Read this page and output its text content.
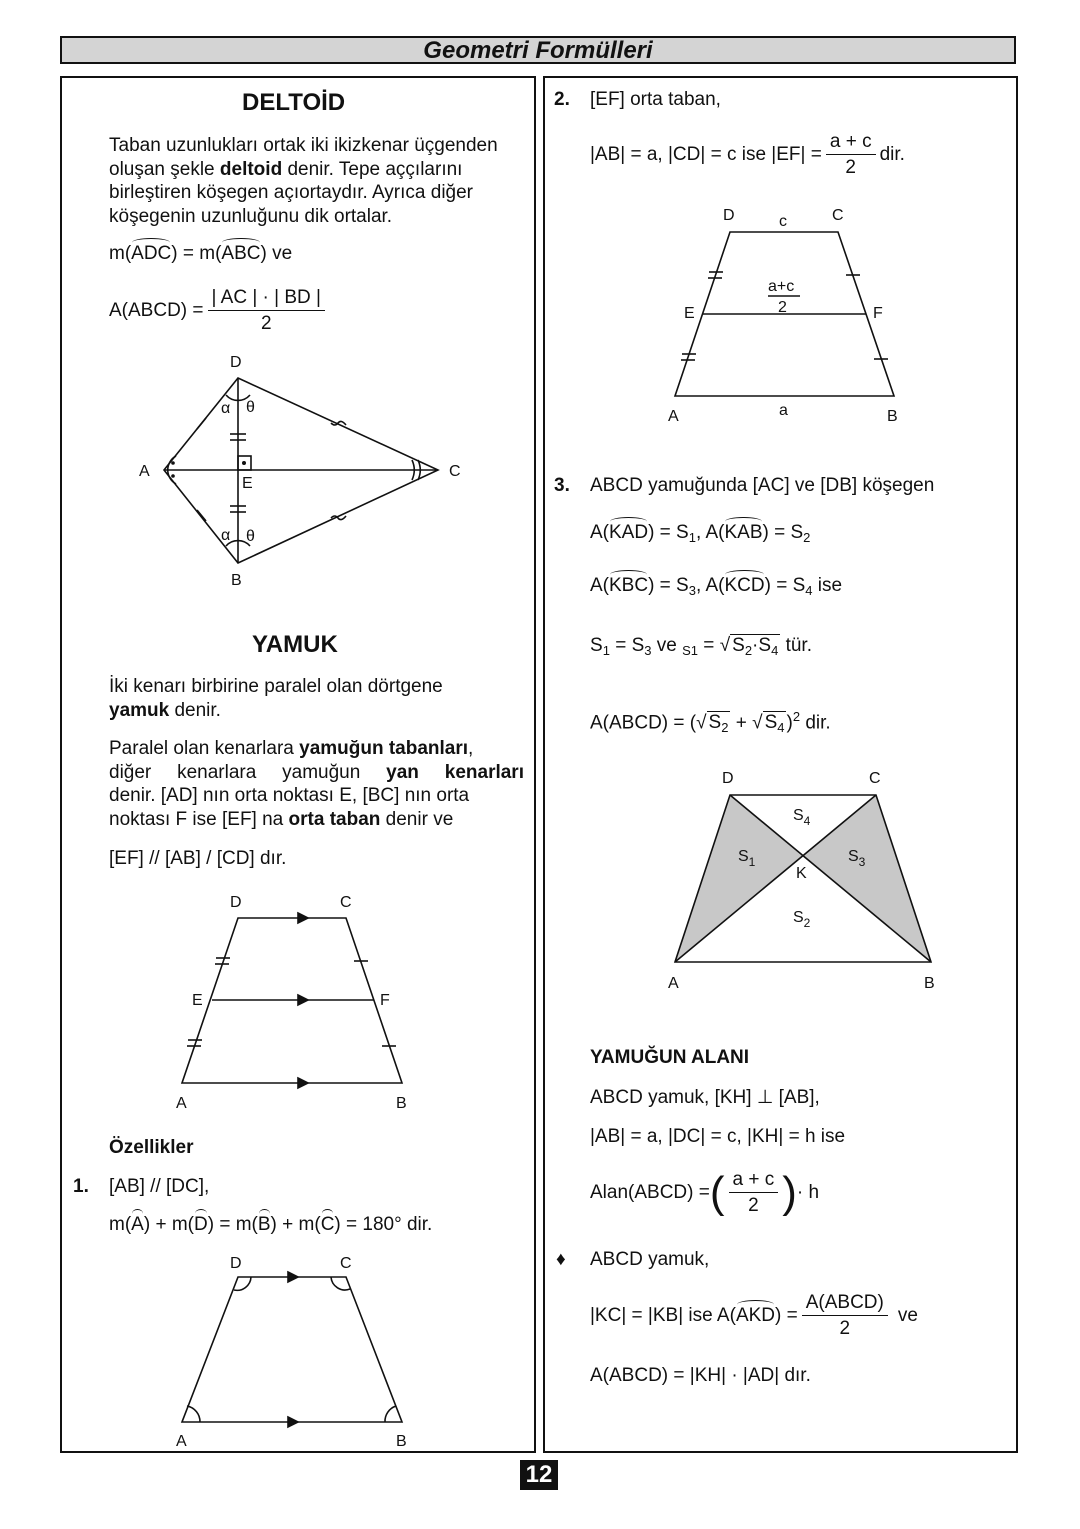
Geometri Formülleri
DELTOİD
Taban uzunlukları ortak iki ikizkenar üçgenden
oluşan şekle deltoid denir. Tepe aççılarını
birleştiren köşegen açıortaydır. Ayrıca diğer
köşegenin uzunluğunu dik ortalar.
m(ADC) = m(ABC) ve
A(ABCD) = $\frac{| AC | \cdot | BD |}{2}$
D
A	C
B
E
α θ
α θ
YAMUK
İki kenarı birbirine paralel olan dörtgene
yamuk denir.
Paralel olan kenarlara yamuğun tabanları,
diğer kenarlara yamuğun yan kenarları
denir. [AD] nın orta noktası E, [BC] nın orta
noktası F ise [EF] na orta taban denir ve
[EF] // [AB] / [CD] dır.
D	C
E	F
A	B
Özellikler
1. [AB] // [DC],
m(A) + m(D) = m(B) + m(C) = 180° dir.
D	C
A	B
2. [EF] orta taban,
|AB| = a, |CD| = c ise $|EF| = \frac{a + c}{2}$ dir.
D	c	C
a+c
2
E	F
A	a	B
3. ABCD yamuğunda [AC] ve [DB] köşegen
$A(KAD) = S_1$, $A(KAB) = S_2$
$A(KBC) = S_3$, $A(KCD) = S_4$ ise
$S_1 = S_3$ ve $_{S1}$ = √ $S_2\cdot S_4$ tür.
A(ABCD) = (√ $S_2$ + √ $S_4$ )$^2$ dir.
D	C
$S_4$
$S_1$
K
$S_3$
$S_2$
A	B
YAMUĞUN ALANI
ABCD yamuk, [KH] ⊥ [AB],
|AB| = a, |DC| = c, |KH| = h ise
Alan(ABCD) =( $\frac{a + c}{2}$ )· h
♦ ABCD yamuk,
|KC| = |KB| ise $A(AKD) = \frac{\text{A(ABCD)}}{2}$ ve
A(ABCD) = |KH| · |AD| dır.
12
